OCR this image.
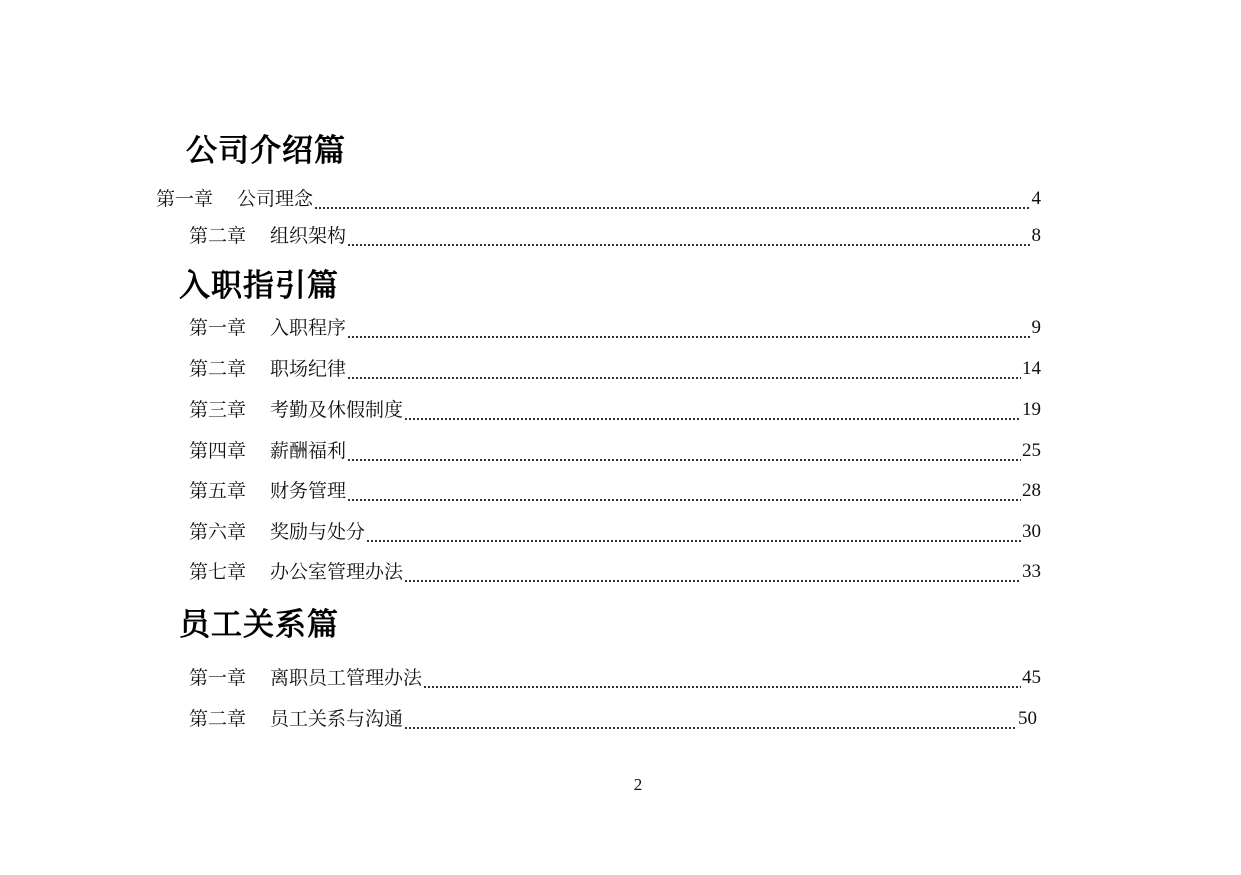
公司介绍篇
第一章 公司理念	4
第二章 组织架构	8
入职指引篇
第一章 入职程序	9
第二章 职场纪律	14
第三章 考勤及休假制度	19
第四章 薪酬福利	25
第五章 财务管理	28
第六章 奖励与处分	30
第七章 办公室管理办法	33
员工关系篇
第一章 离职员工管理办法	45
第二章 员工关系与沟通	50
2
